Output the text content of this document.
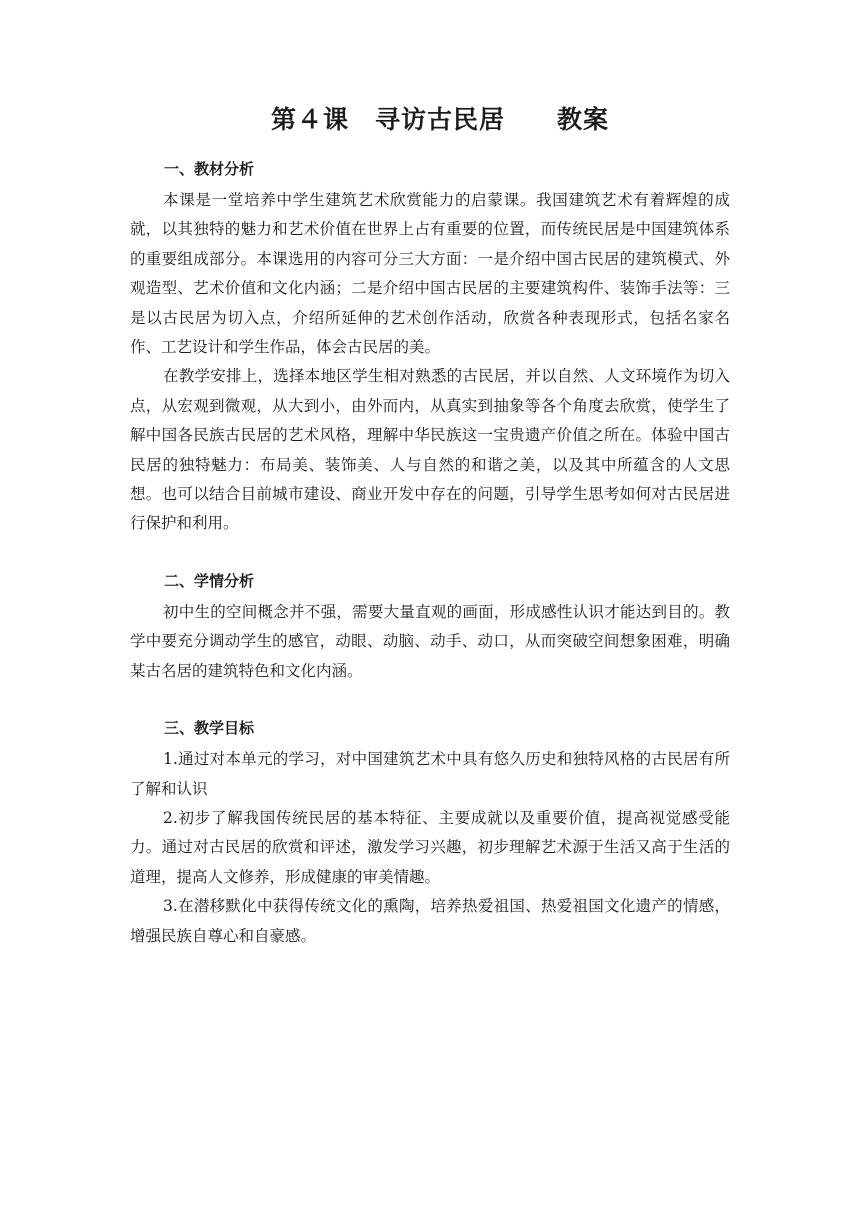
第４课　寻访古民居　　教案
一、教材分析

本课是一堂培养中学生建筑艺术欣赏能力的启蒙课。我国建筑艺术有着辉煌的成就，以其独特的魅力和艺术价值在世界上占有重要的位置，而传统民居是中国建筑体系的重要组成部分。本课选用的内容可分三大方面：一是介绍中国古民居的建筑模式、外观造型、艺术价值和文化内涵；二是介绍中国古民居的主要建筑构件、装饰手法等：三是以古民居为切入点，介绍所延伸的艺术创作活动，欣赏各种表现形式，包括名家名作、工艺设计和学生作品，体会古民居的美。

在教学安排上，选择本地区学生相对熟悉的古民居，并以自然、人文环境作为切入点，从宏观到微观，从大到小，由外而内，从真实到抽象等各个角度去欣赏，使学生了解中国各民族古民居的艺术风格，理解中华民族这一宝贵遗产价值之所在。体验中国古民居的独特魅力：布局美、装饰美、人与自然的和谐之美，以及其中所蕴含的人文思想。也可以结合目前城市建设、商业开发中存在的问题，引导学生思考如何对古民居进行保护和利用。

二、学情分析

初中生的空间概念并不强，需要大量直观的画面，形成感性认识才能达到目的。教学中要充分调动学生的感官，动眼、动脑、动手、动口，从而突破空间想象困难，明确某古名居的建筑特色和文化内涵。

三、教学目标

1.通过对本单元的学习，对中国建筑艺术中具有悠久历史和独特风格的古民居有所了解和认识

2.初步了解我国传统民居的基本特征、主要成就以及重要价值，提高视觉感受能力。通过对古民居的欣赏和评述，激发学习兴趣，初步理解艺术源于生活又高于生活的道理，提高人文修养，形成健康的审美情趣。

3.在潜移默化中获得传统文化的熏陶，培养热爱祖国、热爱祖国文化遗产的情感，增强民族自尊心和自豪感。
